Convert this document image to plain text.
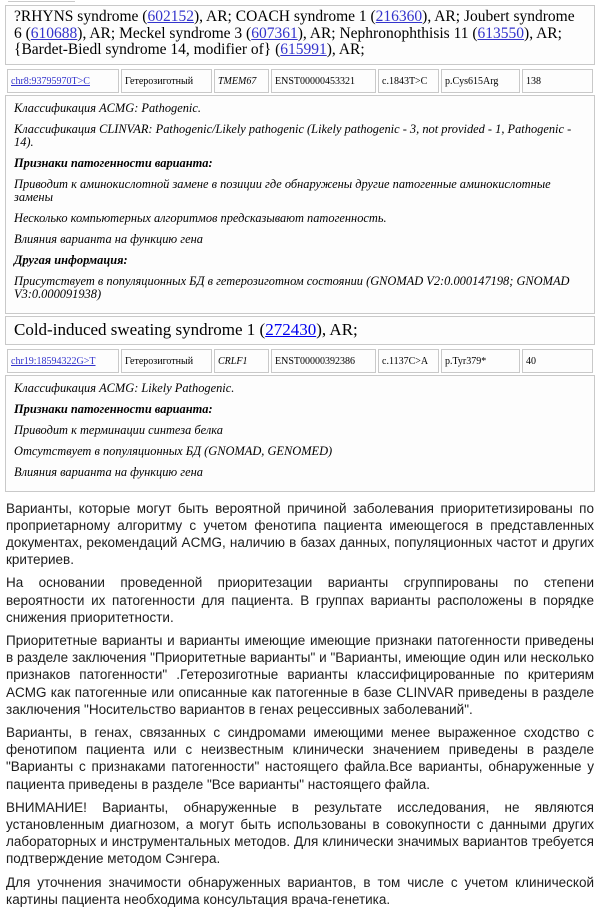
?RHYNS syndrome (602152), AR; COACH syndrome 1 (216360), AR; Joubert syndrome 6 (610688), AR; Meckel syndrome 3 (607361), AR; Nephronophthisis 11 (613550), AR; {Bardet-Biedl syndrome 14, modifier of} (615991), AR;
chr8:93795970T>C	Гетерозиготный	TMEM67	ENST00000453321	c.1843T>C	p.Cys615Arg	138

Классификация ACMG: Pathogenic.

Классификация CLINVAR: Pathogenic/Likely pathogenic (Likely pathogenic - 3, not provided - 1, Pathogenic - 14).

Признаки патогенности варианта:

Приводит к аминокислотной замене в позиции где обнаружены другие патогенные аминокислотные замены

Несколько компьютерных алгоритмов предсказывают патогенность.

Влияния варианта на функцию гена

Другая информация:

Присутствует в популяционных БД в гетерозиготном состоянии (GNOMAD V2:0.000147198; GNOMAD V3:0.000091938)

Cold-induced sweating syndrome 1 (272430), AR;
chr19:18594322G>T	Гетерозиготный	CRLF1	ENST00000392386	c.1137C>A	p.Tyr379*	40

Классификация ACMG: Likely Pathogenic.

Признаки патогенности варианта:

Приводит к терминации синтеза белка

Отсутствует в популяционных БД (GNOMAD, GENOMED)

Влияния варианта на функцию гена

Варианты, которые могут быть вероятной причиной заболевания приоритетизированы по проприетарному алгоритму с учетом фенотипа пациента имеющегося в представленных документах, рекомендаций ACMG, наличию в базах данных, популяционных частот и других критериев.

На основании проведенной приоритезации варианты сгруппированы по степени вероятности их патогенности для пациента. В группах варианты расположены в порядке снижения приоритетности.

Приоритетные варианты и варианты имеющие имеющие признаки патогенности приведены в разделе заключения "Приоритетные варианты" и "Варианты, имеющие один или несколько признаков патогенности" .Гетерозиготные варианты классифицированные по критериям ACMG как патогенные или описанные как патогенные в базе CLINVAR приведены в разделе заключения "Носительство вариантов в генах рецессивных заболеваний".

Варианты, в генах, связанных с синдромами имеющими менее выраженное сходство с фенотипом пациента или с неизвестным клинически значением приведены в разделе "Варианты с признаками патогенности" настоящего файла.Все варианты, обнаруженные у пациента приведены в разделе "Все варианты" настоящего файла.

ВНИМАНИЕ! Варианты, обнаруженные в результате исследования, не являются установленным диагнозом, а могут быть использованы в совокупности с данными других лабораторных и инструментальных методов. Для клинически значимых вариантов требуется подтверждение методом Сэнгера.

Для уточнения значимости обнаруженных вариантов, в том числе с учетом клинической картины пациента необходима консультация врача-генетика.
